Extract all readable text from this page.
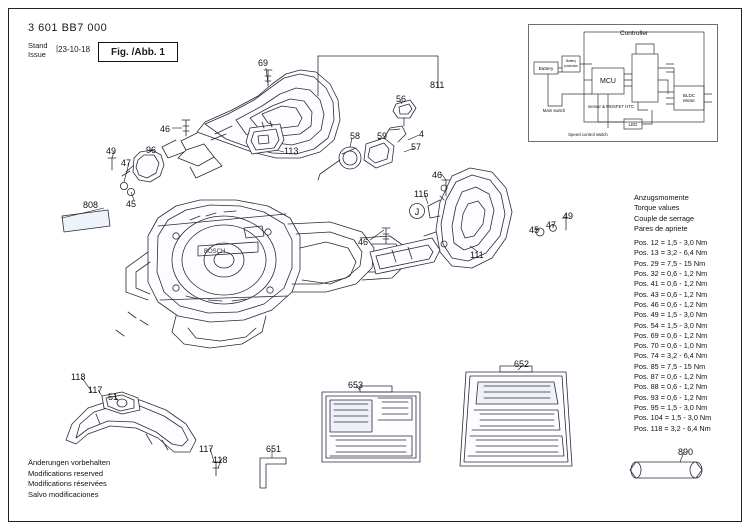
3 601 BB7 000
Stand
Issue
|23-10-18 Fig. /Abb. 1
BOSCH
J
69
46
49
47
96
45
808
113
58 59
56
4
57
811
46
115
46
111
45 47
49
118
117
51
117
118
651
653
652
890
Controller
Battery
MCU
BLDC
Motor
LED
Battery
protection
Main switch
Speed control switch
sensor & MOSFET HTC
Anzugsmomente
Torque values
Couple de serrage
Pares de apriete
Pos. 12 = 1,5 - 3,0 Nm
Pos. 13 = 3,2 - 6,4 Nm
Pos. 29 = 7,5 - 15 Nm
Pos. 32 = 0,6 - 1,2 Nm
Pos. 41 = 0,6 - 1,2 Nm
Pos. 43 = 0,6 - 1,2 Nm
Pos. 46 = 0,6 - 1,2 Nm
Pos. 49 = 1,5 - 3,0 Nm
Pos. 54 = 1,5 - 3,0 Nm
Pos. 69 = 0,6 - 1,2 Nm
Pos. 70 = 0,6 - 1,0 Nm
Pos. 74 = 3,2 - 6,4 Nm
Pos. 85 = 7,5 - 15 Nm
Pos. 87 = 0,6 - 1,2 Nm
Pos. 88 = 0,6 - 1,2 Nm
Pos. 93 = 0,6 - 1,2 Nm
Pos. 95 = 1,5 - 3,0 Nm
Pos. 104 = 1,5 - 3,0 Nm
Pos. 118 = 3,2 - 6,4 Nm
Änderungen vorbehalten
Modifications reserved
Modifications réservées
Salvo modificaciones
